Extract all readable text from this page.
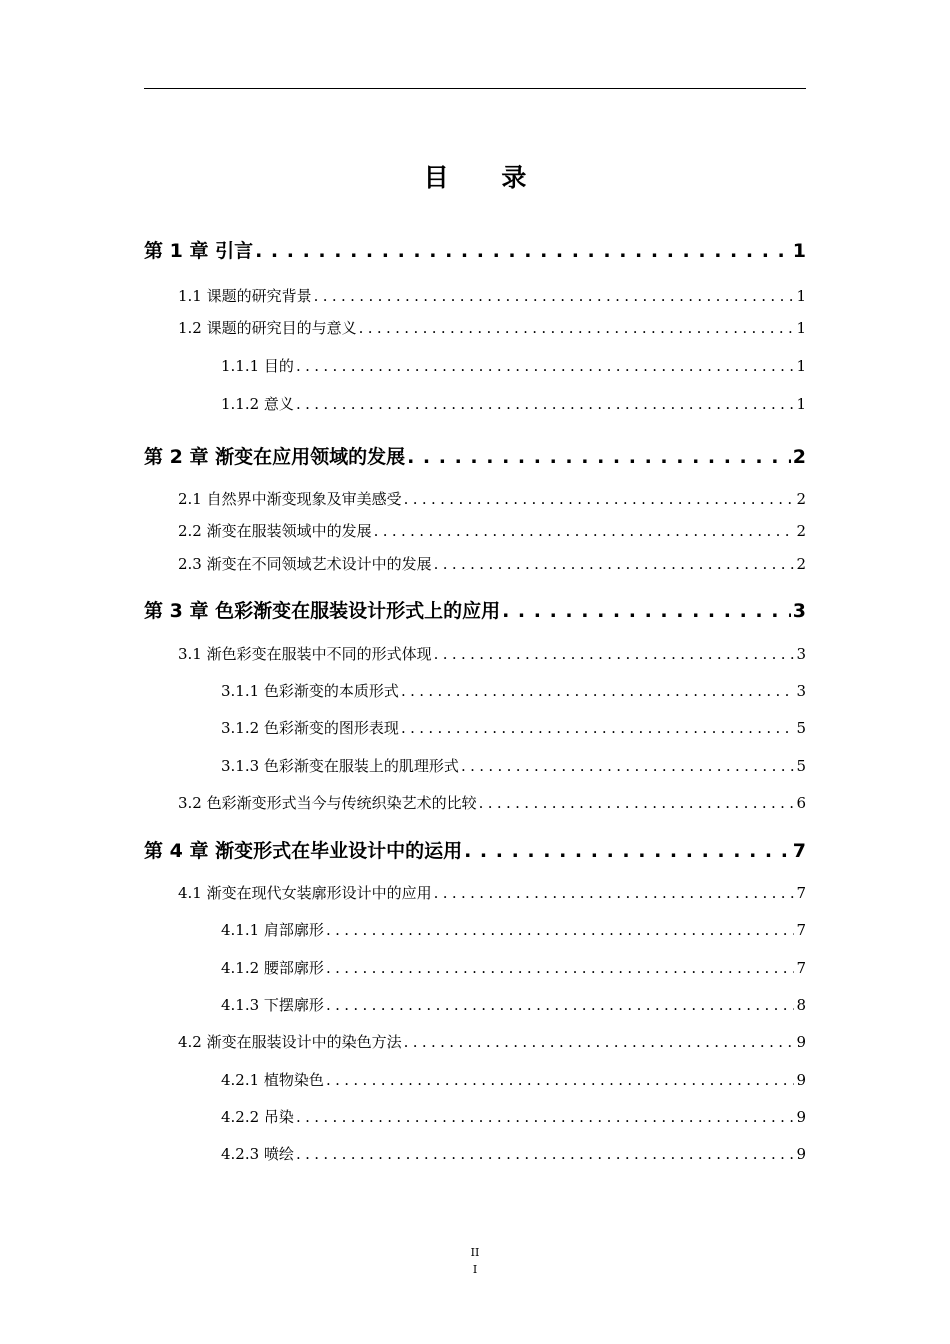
目 录
第 1 章 引言 . . .	1
1.1 课题的研究背景 . . .	1
1.2 课题的研究目的与意义 . . .	1
1.1.1 目的 . . .	1
1.1.2 意义 . . .	1
第 2 章 渐变在应用领域的发展 . . .	2
2.1 自然界中渐变现象及审美感受 . . .	2
2.2 渐变在服装领域中的发展 . . .	2
2.3 渐变在不同领域艺术设计中的发展 . . .	2
第 3 章 色彩渐变在服装设计形式上的应用 . . .	3
3.1 渐色彩变在服装中不同的形式体现 . . .	3
3.1.1 色彩渐变的本质形式 . . .	3
3.1.2 色彩渐变的图形表现 . . .	5
3.1.3 色彩渐变在服装上的肌理形式 . . .	5
3.2 色彩渐变形式当今与传统织染艺术的比较 . . .	6
第 4 章 渐变形式在毕业设计中的运用 . . .	7
4.1 渐变在现代女装廓形设计中的应用 . . .	7
4.1.1 肩部廓形 . . .	7
4.1.2 腰部廓形 . . .	7
4.1.3 下摆廓形 . . .	8
4.2 渐变在服装设计中的染色方法 . . .	9
4.2.1 植物染色 . . .	9
4.2.2 吊染 . . .	9
4.2.3 喷绘 . . .	9
II
I
